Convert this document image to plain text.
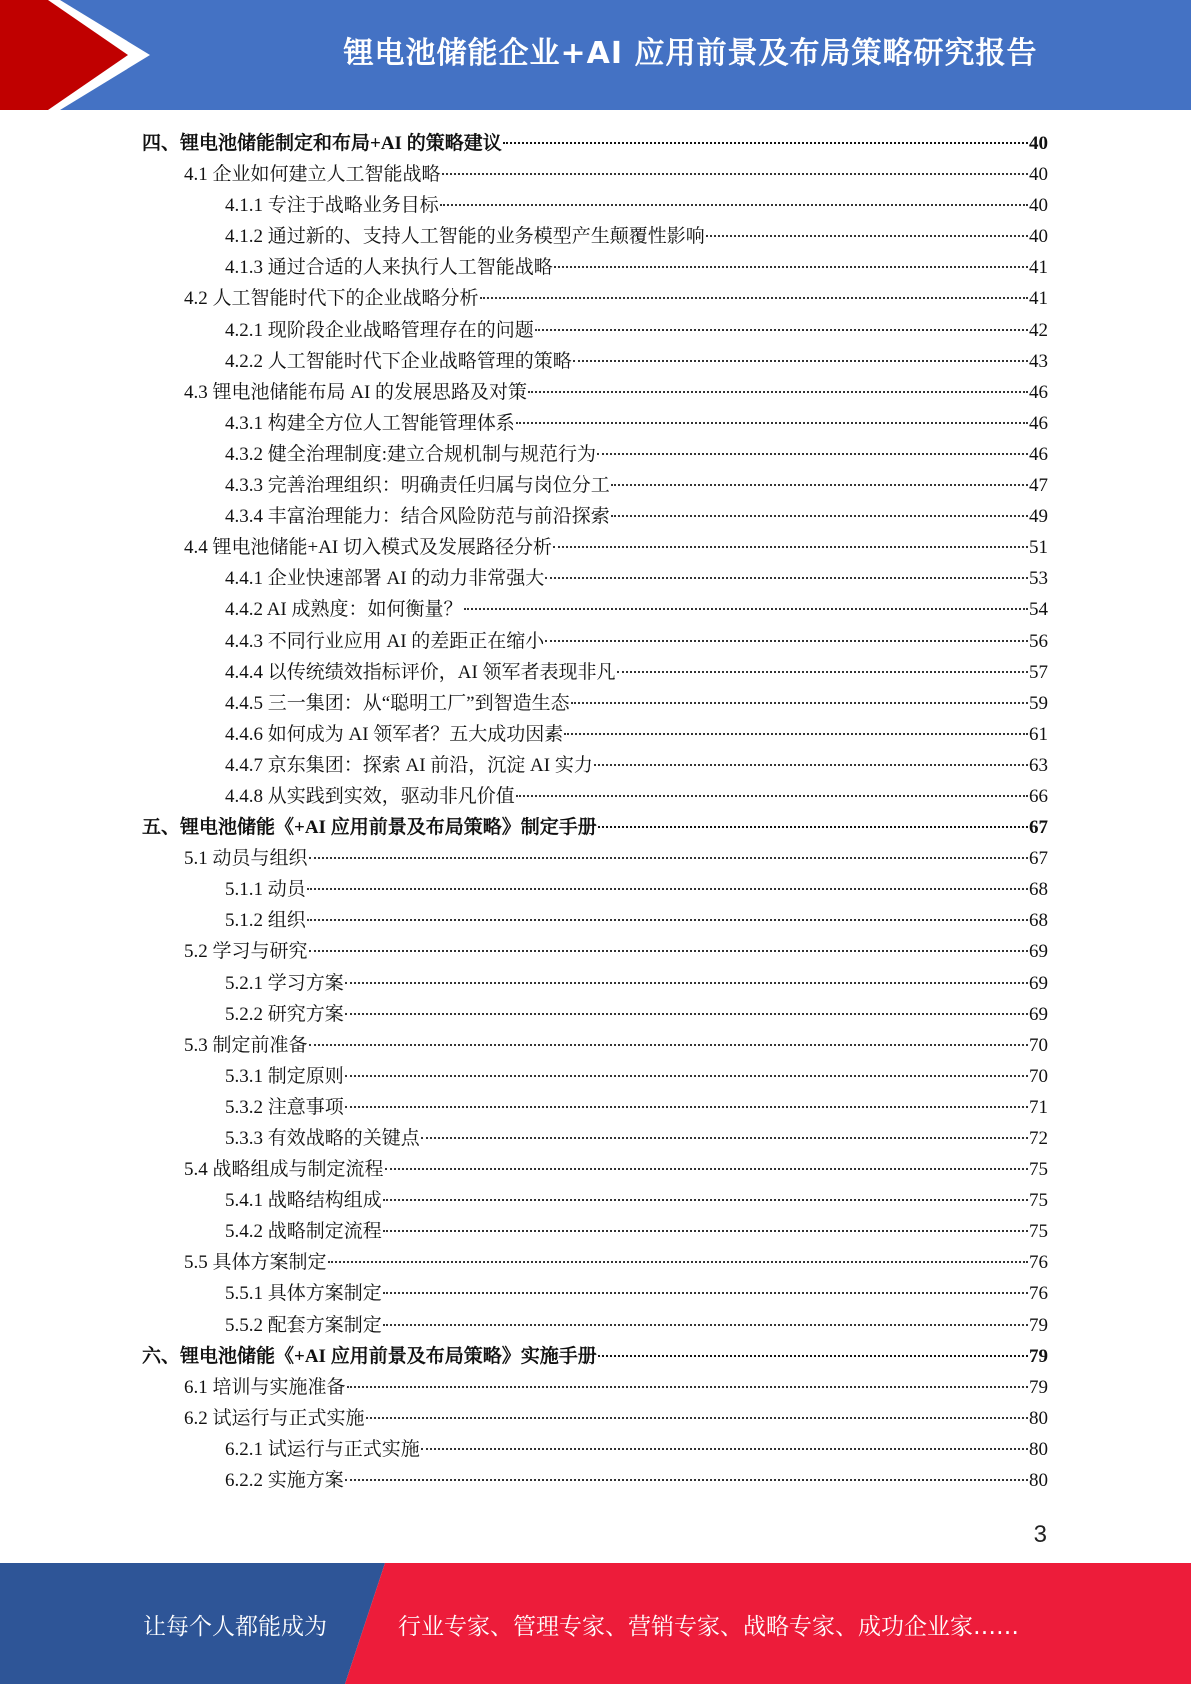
锂电池储能企业+AI 应用前景及布局策略研究报告
四、锂电池储能制定和布局+AI 的策略建议	40
4.1 企业如何建立人工智能战略	40
4.1.1 专注于战略业务目标	40
4.1.2 通过新的、支持人工智能的业务模型产生颠覆性影响	40
4.1.3 通过合适的人来执行人工智能战略	41
4.2 人工智能时代下的企业战略分析	41
4.2.1 现阶段企业战略管理存在的问题	42
4.2.2 人工智能时代下企业战略管理的策略	43
4.3 锂电池储能布局 AI 的发展思路及对策	46
4.3.1 构建全方位人工智能管理体系	46
4.3.2 健全治理制度:建立合规机制与规范行为	46
4.3.3 完善治理组织：明确责任归属与岗位分工	47
4.3.4 丰富治理能力：结合风险防范与前沿探索	49
4.4 锂电池储能+AI 切入模式及发展路径分析	51
4.4.1 企业快速部署 AI 的动力非常强大	53
4.4.2 AI 成熟度：如何衡量？	54
4.4.3 不同行业应用 AI 的差距正在缩小	56
4.4.4 以传统绩效指标评价，AI 领军者表现非凡	57
4.4.5 三一集团：从“聪明工厂”到智造生态	59
4.4.6 如何成为 AI 领军者？五大成功因素	61
4.4.7 京东集团：探索 AI 前沿，沉淀 AI 实力	63
4.4.8 从实践到实效，驱动非凡价值	66
五、锂电池储能《+AI 应用前景及布局策略》制定手册	67
5.1 动员与组织	67
5.1.1 动员	68
5.1.2 组织	68
5.2 学习与研究	69
5.2.1 学习方案	69
5.2.2 研究方案	69
5.3 制定前准备	70
5.3.1 制定原则	70
5.3.2 注意事项	71
5.3.3 有效战略的关键点	72
5.4 战略组成与制定流程	75
5.4.1 战略结构组成	75
5.4.2 战略制定流程	75
5.5 具体方案制定	76
5.5.1 具体方案制定	76
5.5.2 配套方案制定	79
六、锂电池储能《+AI 应用前景及布局策略》实施手册	79
6.1 培训与实施准备	79
6.2 试运行与正式实施	80
6.2.1 试运行与正式实施	80
6.2.2 实施方案	80
3
让每个人都能成为	行业专家、管理专家、营销专家、战略专家、成功企业家……
